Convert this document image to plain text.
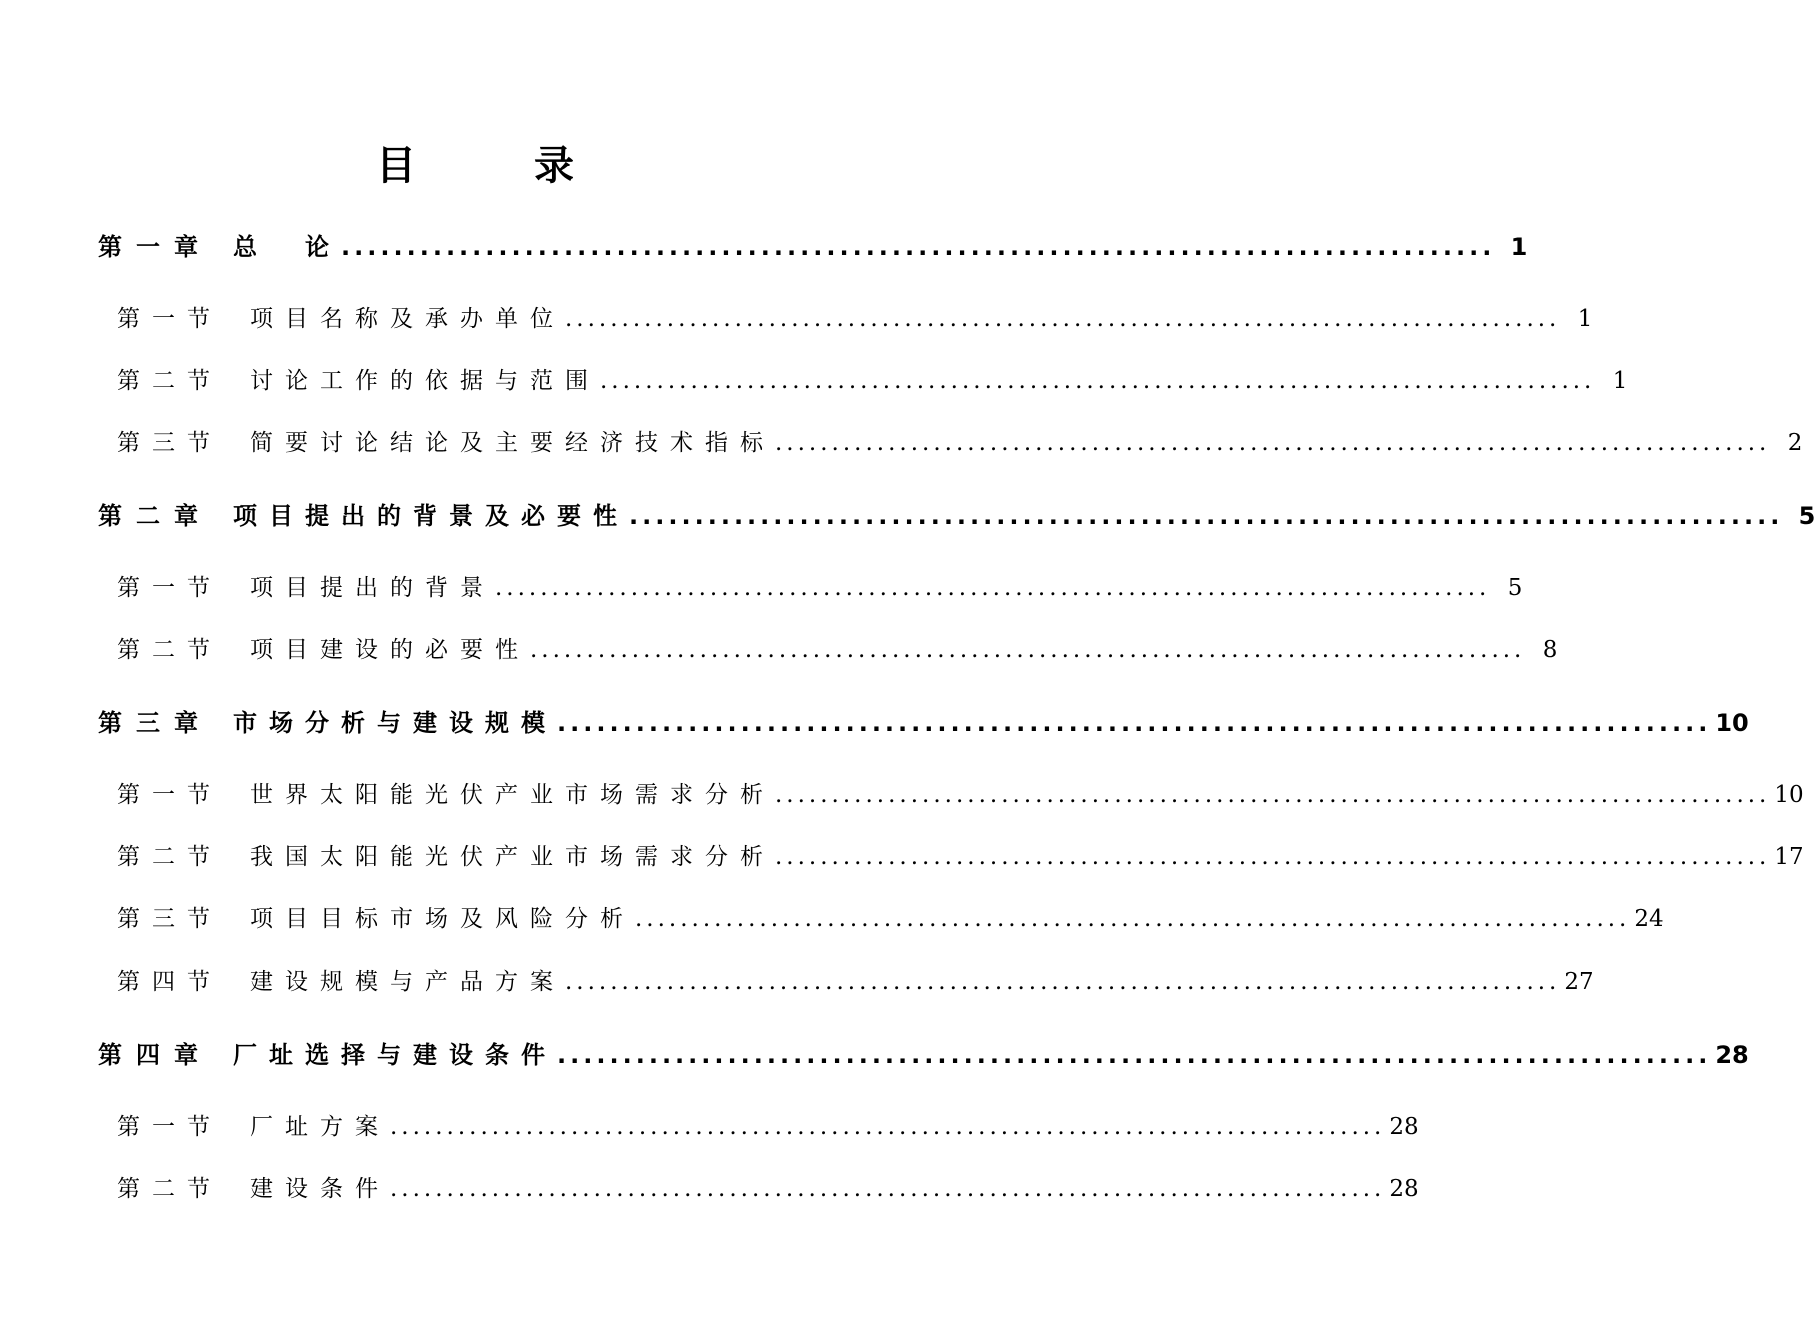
目 录
第一章 总　论 ........................................................................................ 1
第一节	项目名称及承办单位 ........................................................................................ 1
第二节	讨论工作的依据与范围 ........................................................................................ 1
第三节	简要讨论结论及主要经济技术指标 ........................................................................................ 2
第二章 项目提出的背景及必要性 ........................................................................................ 5
第一节	项目提出的背景 ........................................................................................ 5
第二节	项目建设的必要性 ........................................................................................ 8
第三章 市场分析与建设规模 ........................................................................................ 10
第一节	世界太阳能光伏产业市场需求分析 ........................................................................................ 10
第二节	我国太阳能光伏产业市场需求分析 ........................................................................................ 17
第三节	项目目标市场及风险分析 ........................................................................................ 24
第四节	建设规模与产品方案 ........................................................................................ 27
第四章 厂址选择与建设条件 ........................................................................................ 28
第一节	厂址方案 ........................................................................................ 28
第二节	建设条件 ........................................................................................ 28
